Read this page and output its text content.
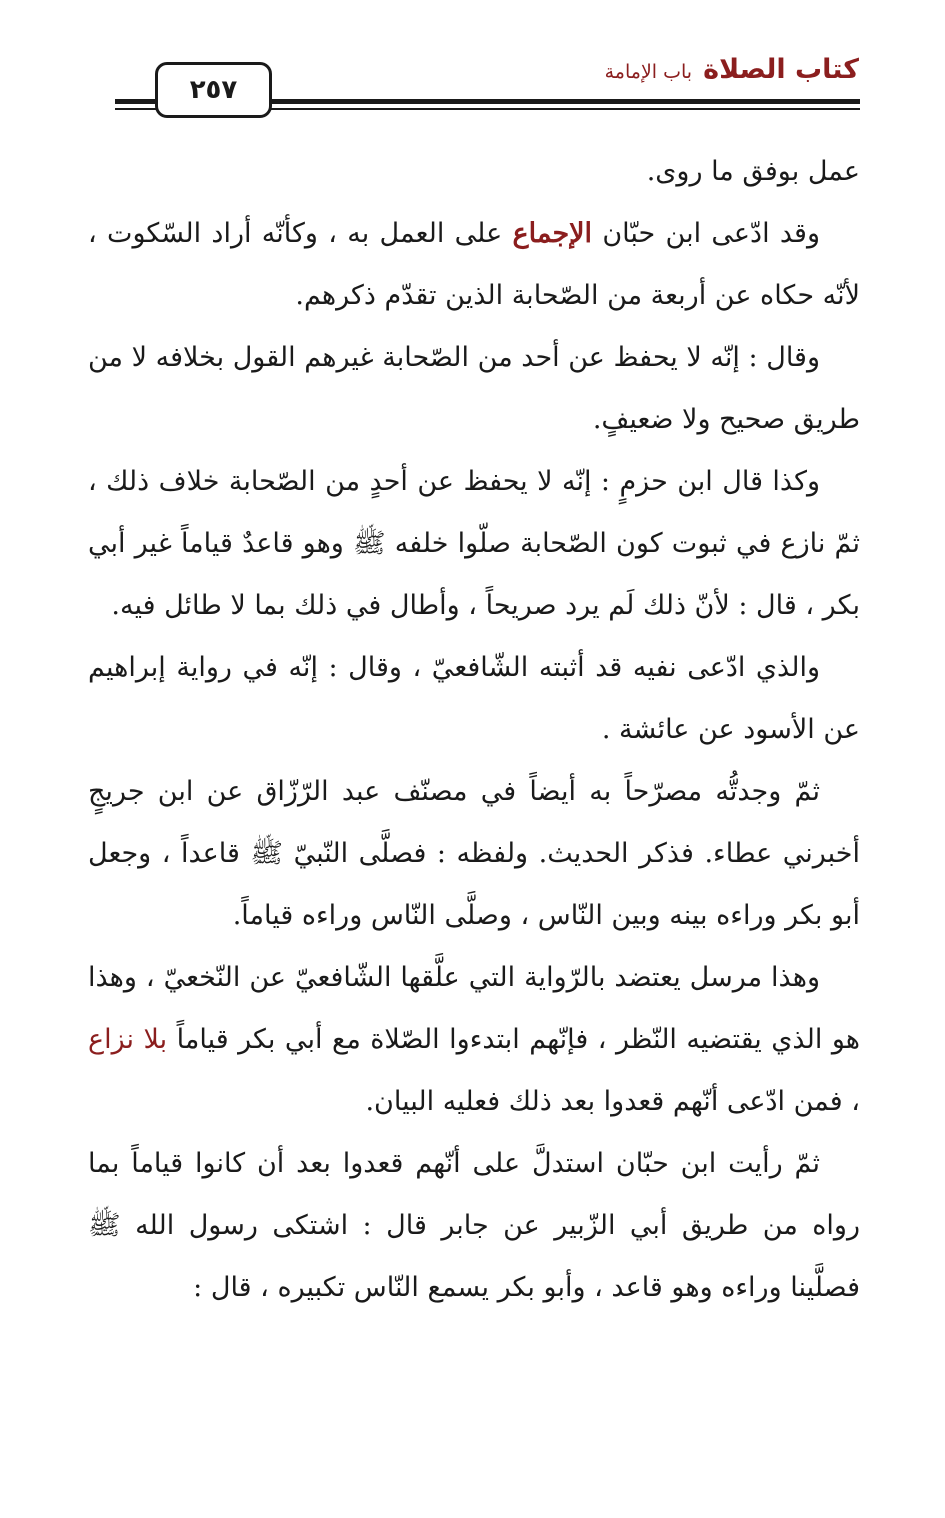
كتاب الصلاة باب الإمامة
٢٥٧

عمل بوفق ما روى.

وقد ادّعى ابن حبّان الإجماع على العمل به ، وكأنّه أراد السّكوت ، لأنّه حكاه عن أربعة من الصّحابة الذين تقدّم ذكرهم.

وقال : إنّه لا يحفظ عن أحد من الصّحابة غيرهم القول بخلافه لا من طريق صحيح ولا ضعيفٍ.

وكذا قال ابن حزمٍ : إنّه لا يحفظ عن أحدٍ من الصّحابة خلاف ذلك ، ثمّ نازع في ثبوت كون الصّحابة صلّوا خلفه ﷺ وهو قاعدٌ قياماً غير أبي بكر ، قال : لأنّ ذلك لَم يرد صريحاً ، وأطال في ذلك بما لا طائل فيه.

والذي ادّعى نفيه قد أثبته الشّافعيّ ، وقال : إنّه في رواية إبراهيم عن الأسود عن عائشة .

ثمّ وجدتُّه مصرّحاً به أيضاً في مصنّف عبد الرّزّاق عن ابن جريجٍ أخبرني عطاء. فذكر الحديث. ولفظه : فصلَّى النّبيّ ﷺ قاعداً ، وجعل أبو بكر وراءه بينه وبين النّاس ، وصلَّى النّاس وراءه قياماً.

وهذا مرسل يعتضد بالرّواية التي علَّقها الشّافعيّ عن النّخعيّ ، وهذا هو الذي يقتضيه النّظر ، فإنّهم ابتدءوا الصّلاة مع أبي بكر قياماً بلا نزاع ، فمن ادّعى أنّهم قعدوا بعد ذلك فعليه البيان.

ثمّ رأيت ابن حبّان استدلَّ على أنّهم قعدوا بعد أن كانوا قياماً بما رواه من طريق أبي الزّبير عن جابر قال : اشتكى رسول الله ﷺ فصلَّينا وراءه وهو قاعد ، وأبو بكر يسمع النّاس تكبيره ، قال :
